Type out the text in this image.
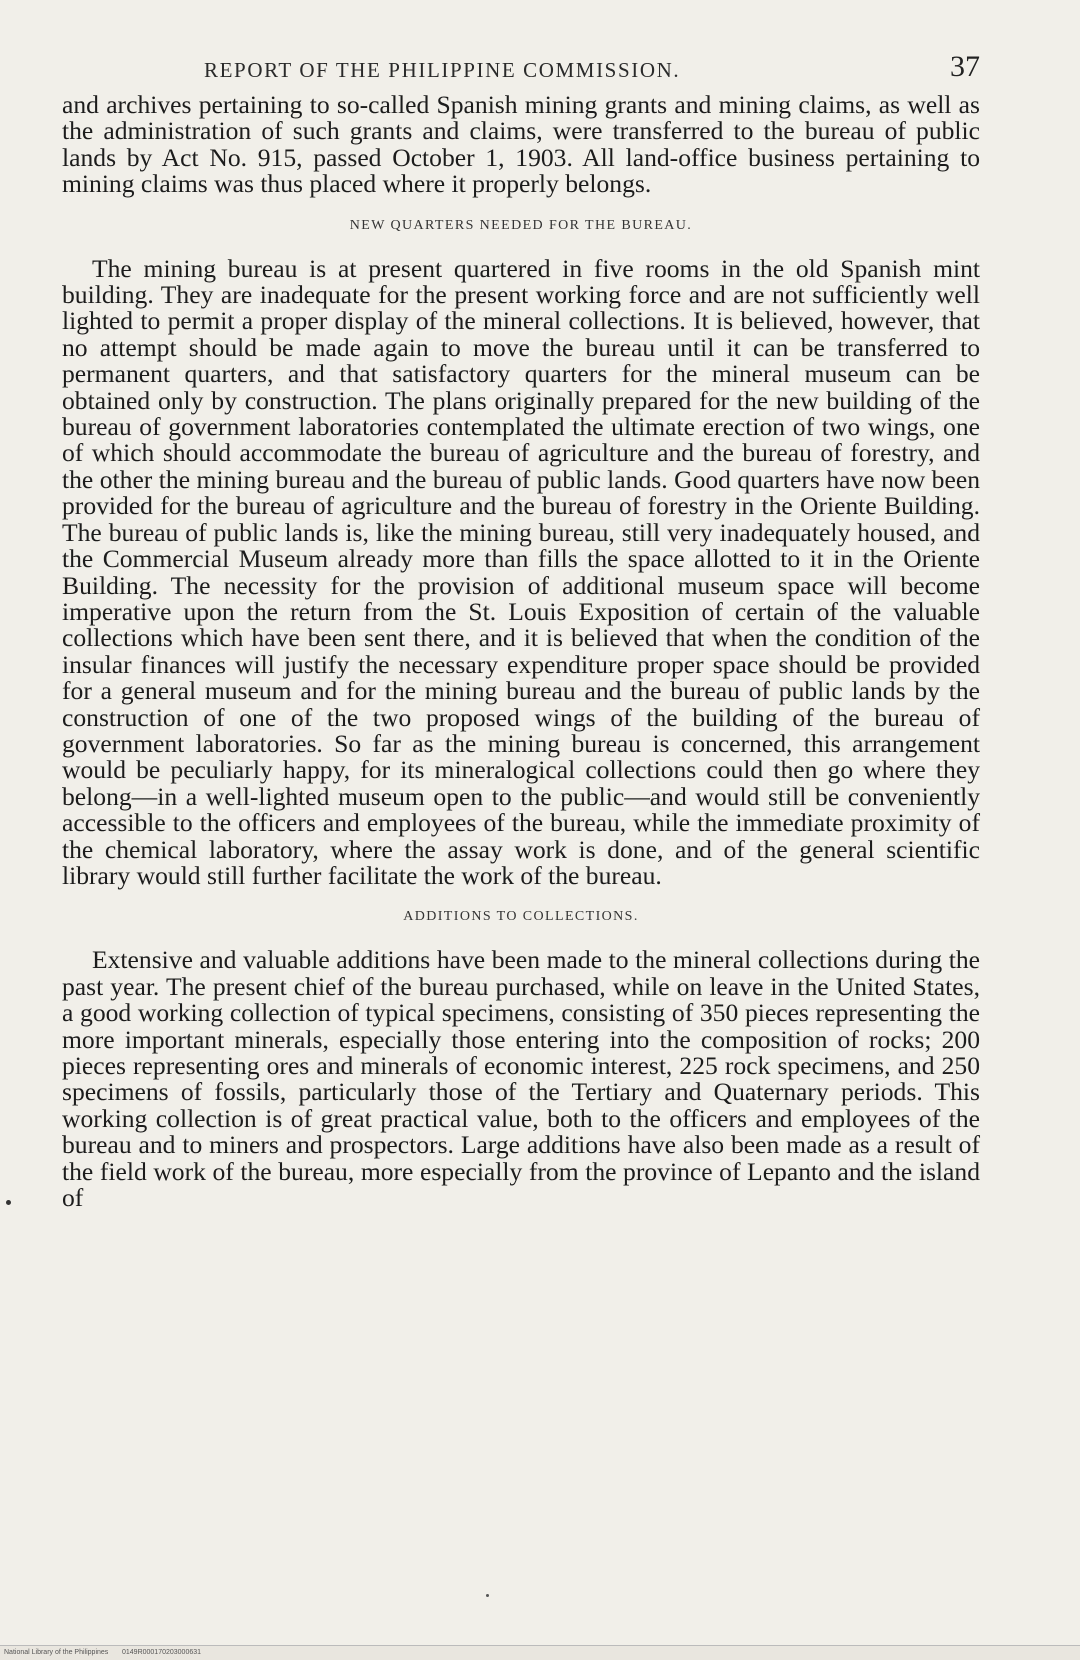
REPORT OF THE PHILIPPINE COMMISSION.	37

and archives pertaining to so-called Spanish mining grants and mining claims, as well as the administration of such grants and claims, were transferred to the bureau of public lands by Act No. 915, passed October 1, 1903. All land-office business pertaining to mining claims was thus placed where it properly belongs.

NEW QUARTERS NEEDED FOR THE BUREAU.

The mining bureau is at present quartered in five rooms in the old Spanish mint building. They are inadequate for the present working force and are not sufficiently well lighted to permit a proper display of the mineral collections. It is believed, however, that no attempt should be made again to move the bureau until it can be transferred to permanent quarters, and that satisfactory quarters for the mineral museum can be obtained only by construction. The plans originally prepared for the new building of the bureau of government laboratories contemplated the ultimate erection of two wings, one of which should accommodate the bureau of agriculture and the bureau of forestry, and the other the mining bureau and the bureau of public lands. Good quarters have now been provided for the bureau of agriculture and the bureau of forestry in the Oriente Building. The bureau of public lands is, like the mining bureau, still very inadequately housed, and the Commercial Museum already more than fills the space allotted to it in the Oriente Building. The necessity for the provision of additional museum space will become imperative upon the return from the St. Louis Exposition of certain of the valuable collections which have been sent there, and it is believed that when the condition of the insular finances will justify the necessary expenditure proper space should be provided for a general museum and for the mining bureau and the bureau of public lands by the construction of one of the two proposed wings of the building of the bureau of government laboratories. So far as the mining bureau is concerned, this arrangement would be peculiarly happy, for its mineralogical collections could then go where they belong—in a well-lighted museum open to the public—and would still be conveniently accessible to the officers and employees of the bureau, while the immediate proximity of the chemical laboratory, where the assay work is done, and of the general scientific library would still further facilitate the work of the bureau.

ADDITIONS TO COLLECTIONS.

Extensive and valuable additions have been made to the mineral collections during the past year. The present chief of the bureau purchased, while on leave in the United States, a good working collection of typical specimens, consisting of 350 pieces representing the more important minerals, especially those entering into the composition of rocks; 200 pieces representing ores and minerals of economic interest, 225 rock specimens, and 250 specimens of fossils, particularly those of the Tertiary and Quaternary periods. This working collection is of great practical value, both to the officers and employees of the bureau and to miners and prospectors. Large additions have also been made as a result of the field work of the bureau, more especially from the province of Lepanto and the island of

National Library of the Philippines 0149R000170203000631
